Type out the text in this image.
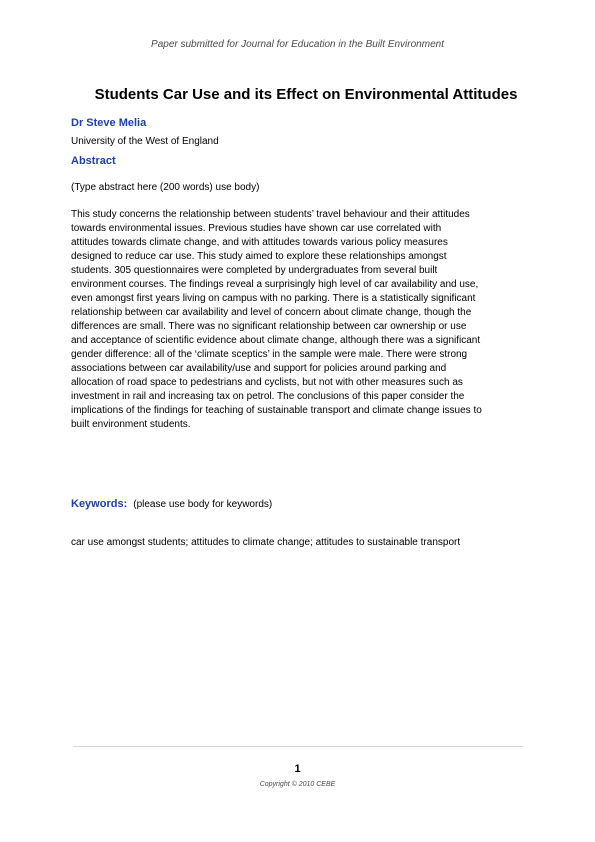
Paper submitted for Journal for Education in the Built Environment
Students Car Use and its Effect on Environmental Attitudes
Dr Steve Melia
University of the West of England
Abstract
(Type abstract here (200 words) use body)
This study concerns the relationship between students’ travel behaviour and their attitudes
towards environmental issues. Previous studies have shown car use correlated with
attitudes towards climate change, and with attitudes towards various policy measures
designed to reduce car use. This study aimed to explore these relationships amongst
students. 305 questionnaires were completed by undergraduates from several built
environment courses. The findings reveal a surprisingly high level of car availability and use,
even amongst first years living on campus with no parking. There is a statistically significant
relationship between car availability and level of concern about climate change, though the
differences are small. There was no significant relationship between car ownership or use
and acceptance of scientific evidence about climate change, although there was a significant
gender difference: all of the ‘climate sceptics’ in the sample were male. There were strong
associations between car availability/use and support for policies around parking and
allocation of road space to pedestrians and cyclists, but not with other measures such as
investment in rail and increasing tax on petrol. The conclusions of this paper consider the
implications of the findings for teaching of sustainable transport and climate change issues to
built environment students.
Keywords: (please use body for keywords)
car use amongst students; attitudes to climate change; attitudes to sustainable transport
1
Copyright © 2010 CEBE
